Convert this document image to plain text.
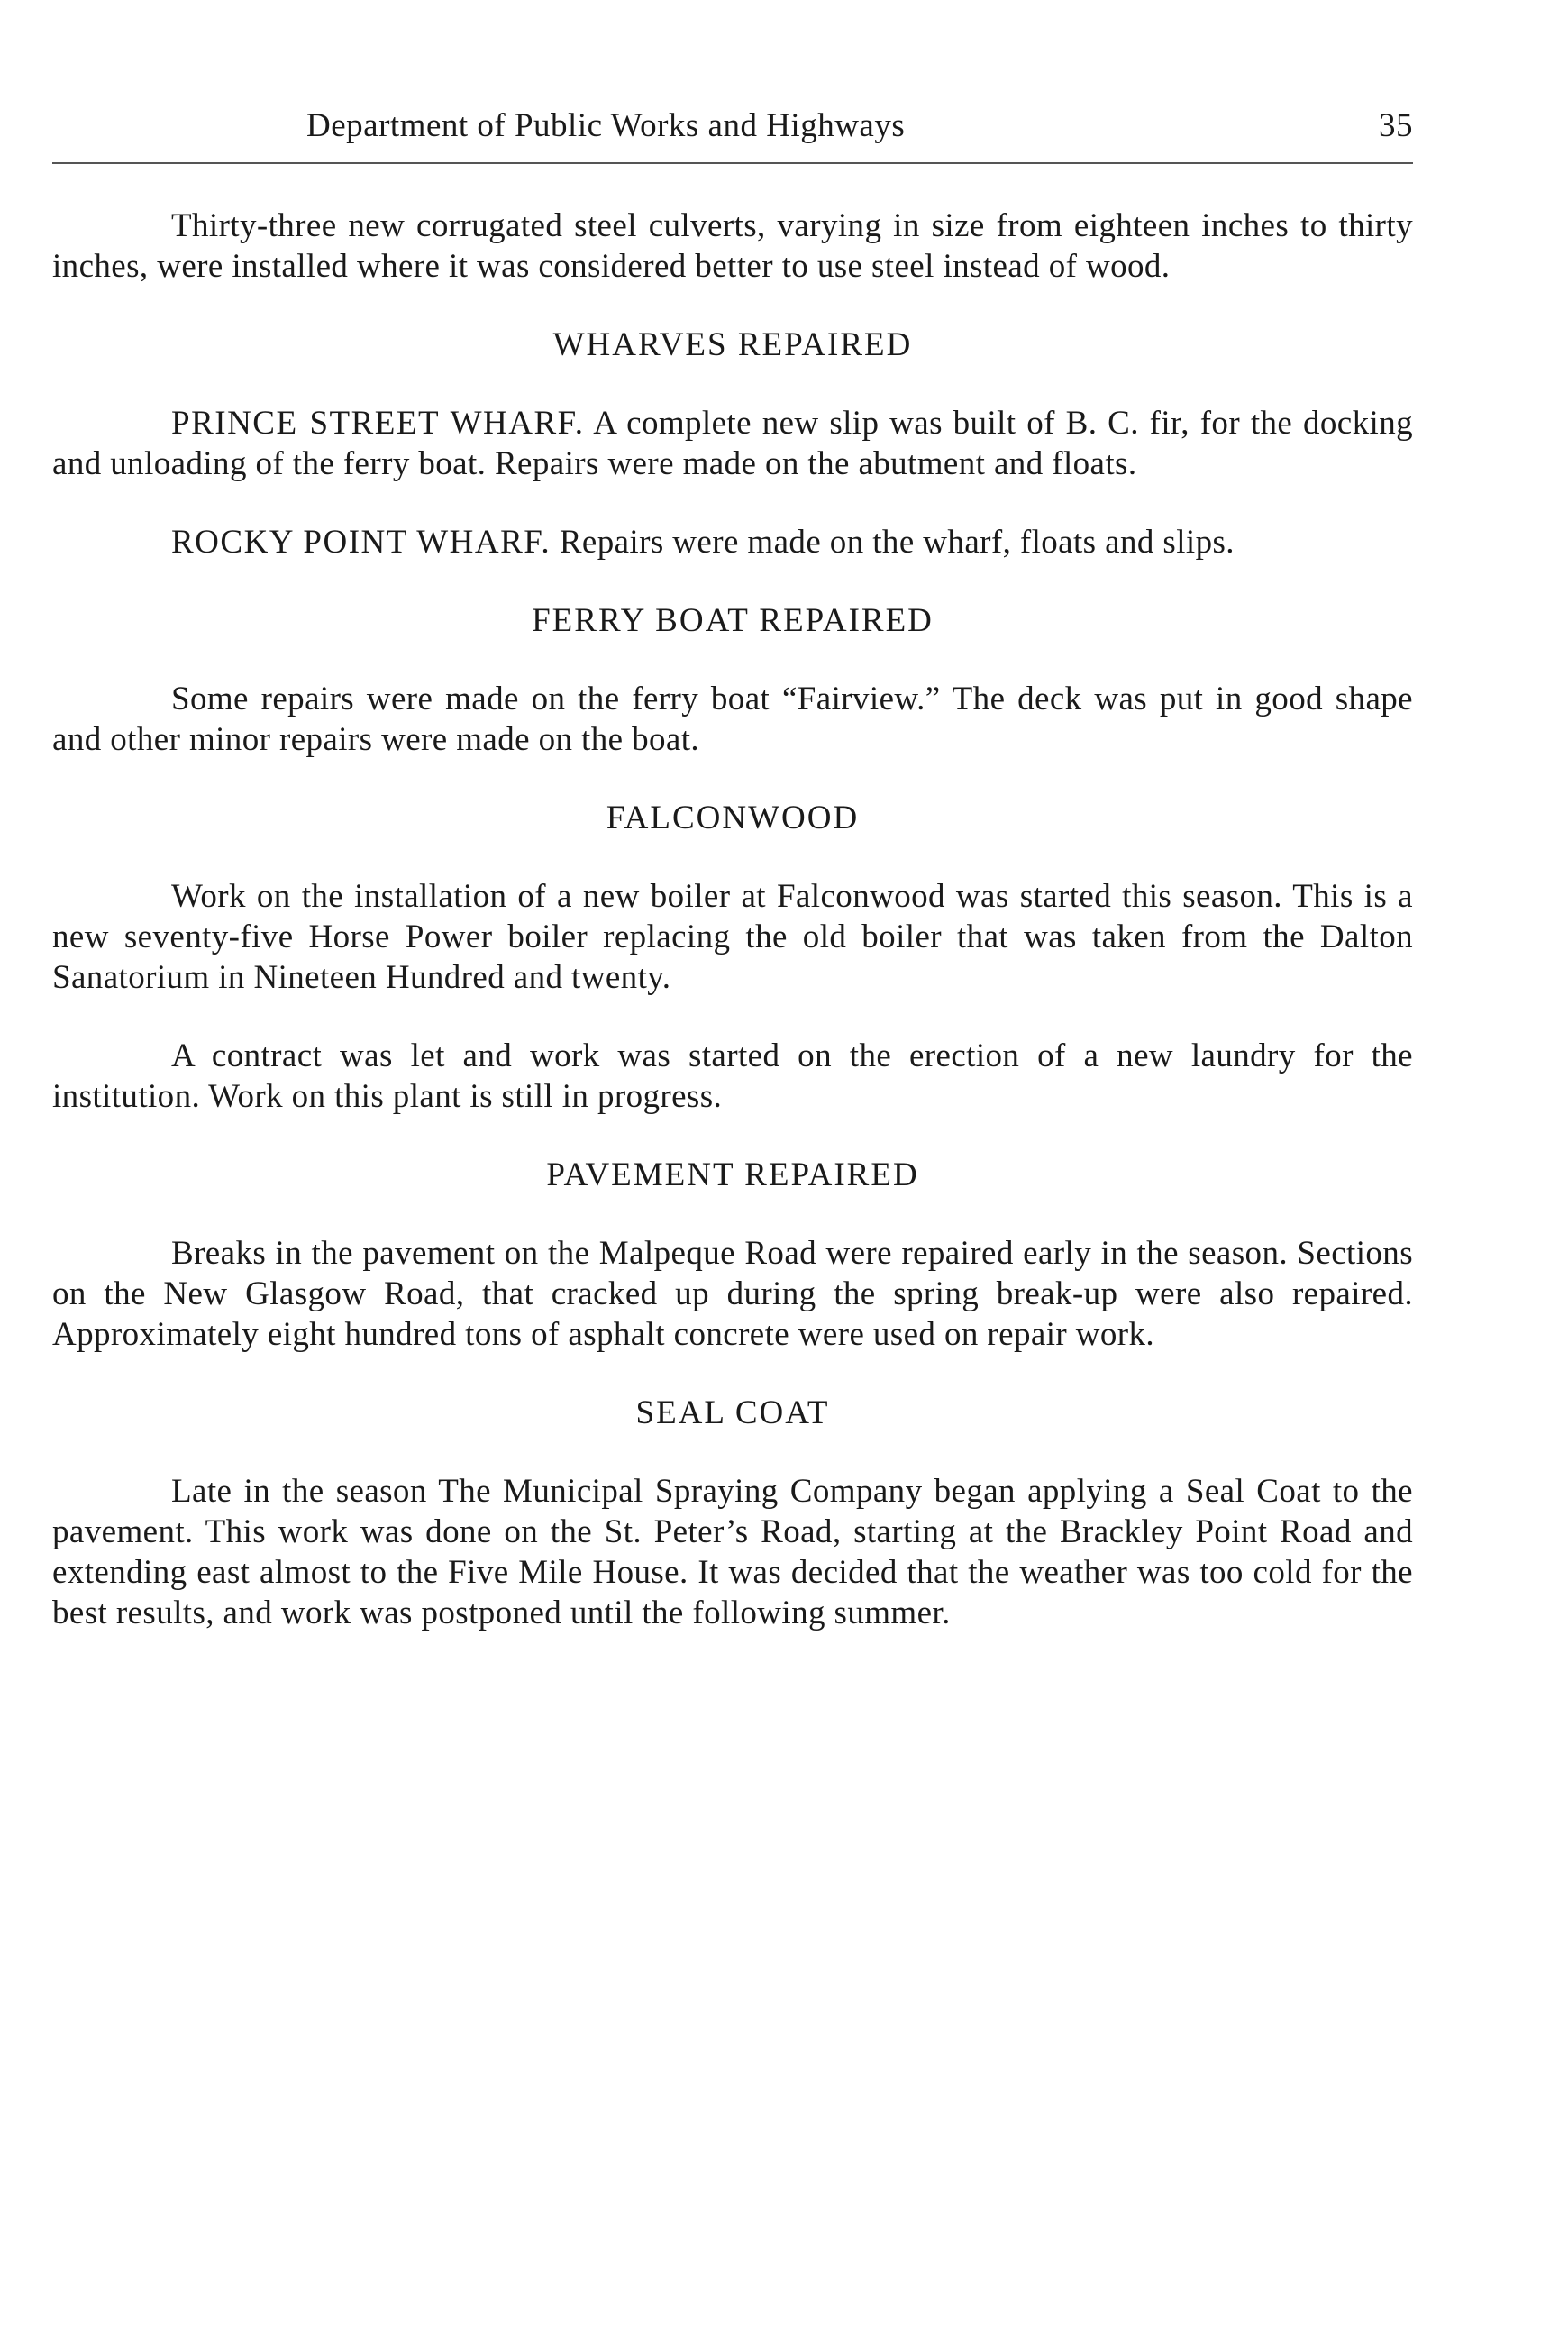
Department of Public Works and Highways	35

Thirty-three new corrugated steel culverts, varying in size from eighteen inches to thirty inches, were installed where it was considered better to use steel instead of wood.

WHARVES REPAIRED

PRINCE STREET WHARF. A complete new slip was built of B. C. fir, for the docking and unloading of the ferry boat. Repairs were made on the abutment and floats.

ROCKY POINT WHARF. Repairs were made on the wharf, floats and slips.

FERRY BOAT REPAIRED

Some repairs were made on the ferry boat “Fairview.” The deck was put in good shape and other minor repairs were made on the boat.

FALCONWOOD

Work on the installation of a new boiler at Falconwood was started this season. This is a new seventy-five Horse Power boiler replacing the old boiler that was taken from the Dalton Sanatorium in Nineteen Hundred and twenty.

A contract was let and work was started on the erection of a new laundry for the institution. Work on this plant is still in progress.

PAVEMENT REPAIRED

Breaks in the pavement on the Malpeque Road were repaired early in the season. Sections on the New Glasgow Road, that cracked up during the spring break-up were also repaired. Approximately eight hundred tons of asphalt concrete were used on repair work.

SEAL COAT

Late in the season The Municipal Spraying Company began applying a Seal Coat to the pavement. This work was done on the St. Peter’s Road, starting at the Brackley Point Road and extending east almost to the Five Mile House. It was decided that the weather was too cold for the best results, and work was postponed until the following summer.
